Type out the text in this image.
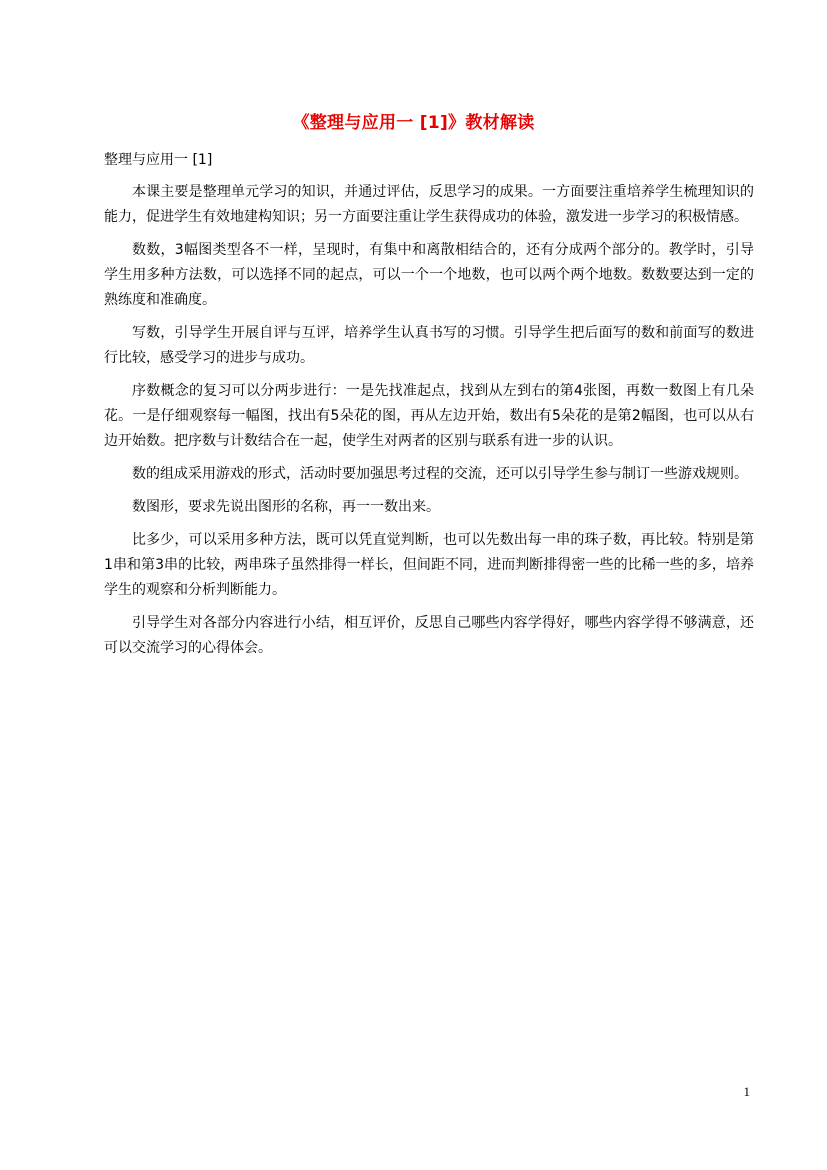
《整理与应用一 [1]》教材解读
整理与应用一 [1]

本课主要是整理单元学习的知识，并通过评估，反思学习的成果。一方面要注重培养学生梳理知识的能力，促进学生有效地建构知识；另一方面要注重让学生获得成功的体验，激发进一步学习的积极情感。

数数，3幅图类型各不一样，呈现时，有集中和离散相结合的，还有分成两个部分的。教学时，引导学生用多种方法数，可以选择不同的起点，可以一个一个地数，也可以两个两个地数。数数要达到一定的熟练度和准确度。

写数，引导学生开展自评与互评，培养学生认真书写的习惯。引导学生把后面写的数和前面写的数进行比较，感受学习的进步与成功。

序数概念的复习可以分两步进行：一是先找准起点，找到从左到右的第4张图，再数一数图上有几朵花。一是仔细观察每一幅图，找出有5朵花的图，再从左边开始，数出有5朵花的是第2幅图，也可以从右边开始数。把序数与计数结合在一起，使学生对两者的区别与联系有进一步的认识。

数的组成采用游戏的形式，活动时要加强思考过程的交流，还可以引导学生参与制订一些游戏规则。

数图形，要求先说出图形的名称，再一一数出来。

比多少，可以采用多种方法，既可以凭直觉判断，也可以先数出每一串的珠子数，再比较。特别是第1串和第3串的比较，两串珠子虽然排得一样长，但间距不同，进而判断排得密一些的比稀一些的多，培养学生的观察和分析判断能力。

引导学生对各部分内容进行小结，相互评价，反思自己哪些内容学得好，哪些内容学得不够满意，还可以交流学习的心得体会。

1
